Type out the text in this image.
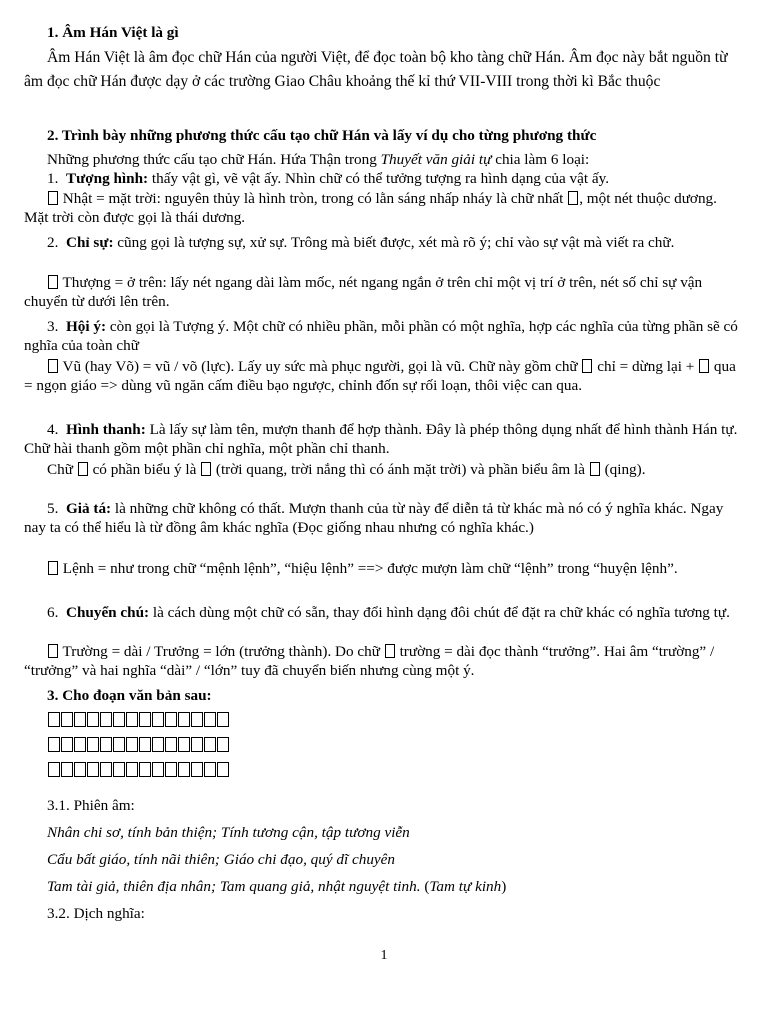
1. Âm Hán Việt là gì

Âm Hán Việt là âm đọc chữ Hán của người Việt, để đọc toàn bộ kho tàng chữ Hán. Âm đọc này bắt nguồn từ âm đọc chữ Hán được dạy ở các trường Giao Châu khoảng thế kỉ thứ VII-VIII trong thời kì Bắc thuộc

2. Trình bày những phương thức cấu tạo chữ Hán và lấy ví dụ cho từng phương thức

Những phương thức cấu tạo chữ Hán. Hứa Thận trong Thuyết văn giải tự chia làm 6 loại:

1. Tượng hình: thấy vật gì, vẽ vật ấy. Nhìn chữ có thể tưởng tượng ra hình dạng của vật ấy.

Nhật = mặt trời: nguyên thủy là hình tròn, trong có lằn sáng nhấp nháy là chữ nhất , một nét thuộc dương. Mặt trời còn được gọi là thái dương.

2. Chỉ sự: cũng gọi là tượng sự, xử sự. Trông mà biết được, xét mà rõ ý; chỉ vào sự vật mà viết ra chữ.

Thượng = ở trên: lấy nét ngang dài làm mốc, nét ngang ngắn ở trên chỉ một vị trí ở trên, nét số chỉ sự vận chuyển từ dưới lên trên.

3. Hội ý: còn gọi là Tượng ý. Một chữ có nhiều phần, mỗi phần có một nghĩa, hợp các nghĩa của từng phần sẽ có nghĩa của toàn chữ

Vũ (hay Võ) = vũ / võ (lực). Lấy uy sức mà phục người, gọi là vũ. Chữ này gồm chữ  chỉ = dừng lại +  qua = ngọn giáo => dùng vũ ngăn cấm điều bạo ngược, chỉnh đốn sự rối loạn, thôi việc can qua.

4. Hình thanh: Là lấy sự làm tên, mượn thanh để hợp thành. Đây là phép thông dụng nhất để hình thành Hán tự. Chữ hài thanh gồm một phần chỉ nghĩa, một phần chỉ thanh.

Chữ  có phần biểu ý là  (trời quang, trời nắng thì có ánh mặt trời) và phần biểu âm là  (qing).

5. Giả tá: là những chữ không có thất. Mượn thanh của từ này để diễn tả từ khác mà nó có ý nghĩa khác. Ngay nay ta có thể hiểu là từ đồng âm khác nghĩa (Đọc giống nhau nhưng có nghĩa khác.)

Lệnh = như trong chữ “mệnh lệnh”, “hiệu lệnh” ==> được mượn làm chữ “lệnh” trong “huyện lệnh”.

6. Chuyển chú: là cách dùng một chữ có sẵn, thay đổi hình dạng đôi chút để đặt ra chữ khác có nghĩa tương tự.

Trường = dài / Trưởng = lớn (trưởng thành). Do chữ  trường = dài đọc thành “trưởng”. Hai âm “trường” / “trưởng” và hai nghĩa “dài” / “lớn” tuy đã chuyển biến nhưng cùng một ý.

3. Cho đoạn văn bản sau:

3.1. Phiên âm:

Nhân chi sơ, tính bản thiện; Tính tương cận, tập tương viễn

Cẩu bất giáo, tính nãi thiên; Giáo chi đạo, quý dĩ chuyên

Tam tài giả, thiên địa nhân; Tam quang giả, nhật nguyệt tinh. (Tam tự kinh)

3.2. Dịch nghĩa:

1
